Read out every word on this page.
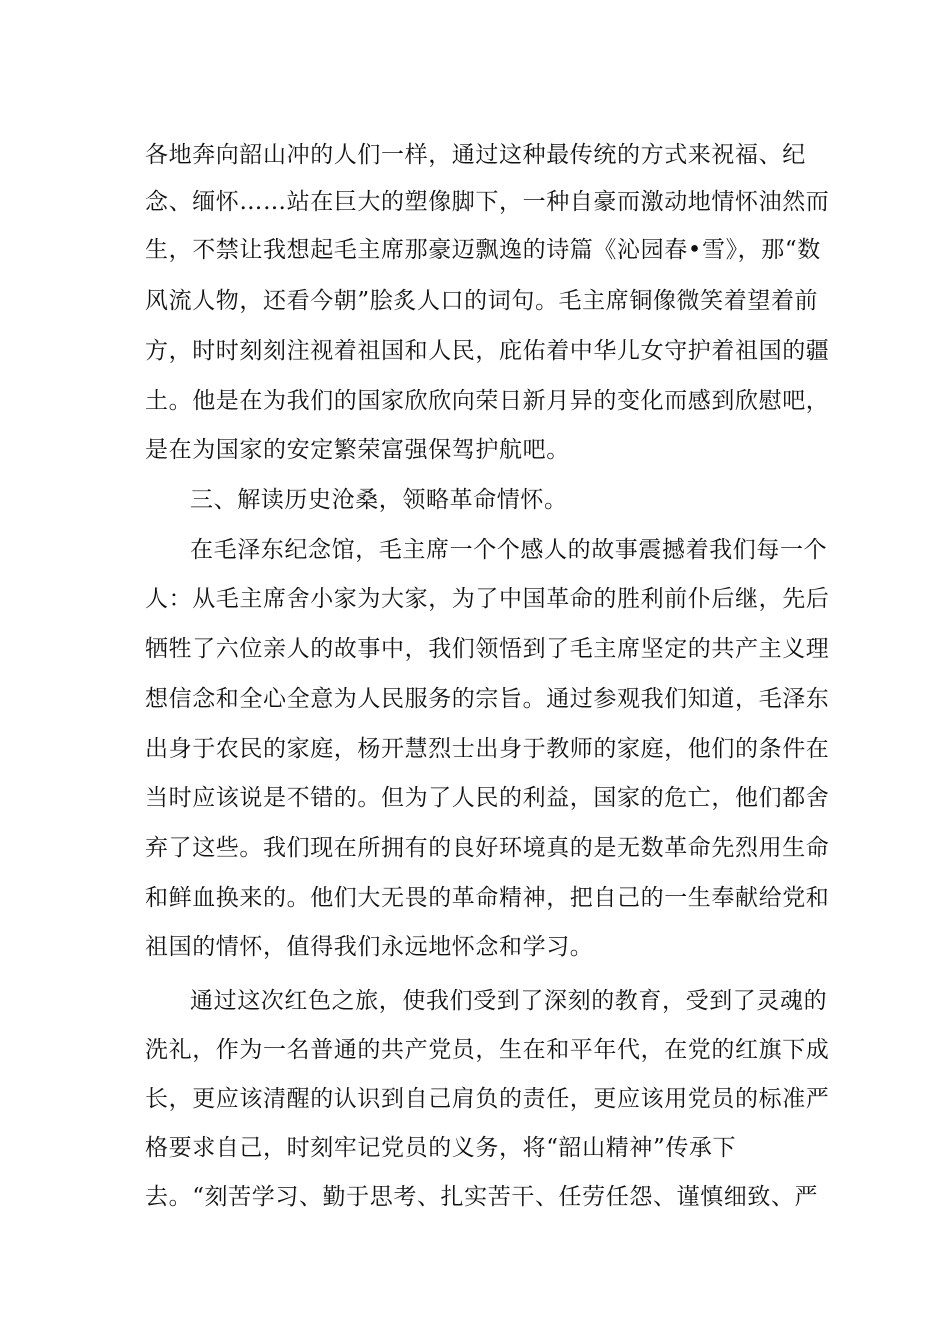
各地奔向韶山冲的人们一样，通过这种最传统的方式来祝福、纪
念、缅怀……站在巨大的塑像脚下，一种自豪而激动地情怀油然而
生，不禁让我想起毛主席那豪迈飘逸的诗篇《沁园春•雪》，那“数
风流人物，还看今朝”脍炙人口的词句。毛主席铜像微笑着望着前
方，时时刻刻注视着祖国和人民，庇佑着中华儿女守护着祖国的疆
土。他是在为我们的国家欣欣向荣日新月异的变化而感到欣慰吧，
是在为国家的安定繁荣富强保驾护航吧。
三、解读历史沧桑，领略革命情怀。
在毛泽东纪念馆，毛主席一个个感人的故事震撼着我们每一个
人：从毛主席舍小家为大家，为了中国革命的胜利前仆后继，先后
牺牲了六位亲人的故事中，我们领悟到了毛主席坚定的共产主义理
想信念和全心全意为人民服务的宗旨。通过参观我们知道，毛泽东
出身于农民的家庭，杨开慧烈士出身于教师的家庭，他们的条件在
当时应该说是不错的。但为了人民的利益，国家的危亡，他们都舍
弃了这些。我们现在所拥有的良好环境真的是无数革命先烈用生命
和鲜血换来的。他们大无畏的革命精神，把自己的一生奉献给党和
祖国的情怀，值得我们永远地怀念和学习。
通过这次红色之旅，使我们受到了深刻的教育，受到了灵魂的
洗礼，作为一名普通的共产党员，生在和平年代，在党的红旗下成
长，更应该清醒的认识到自己肩负的责任，更应该用党员的标准严
格要求自己，时刻牢记党员的义务，将“韶山精神”传承下
去。“刻苦学习、勤于思考、扎实苦干、任劳任怨、谨慎细致、严
